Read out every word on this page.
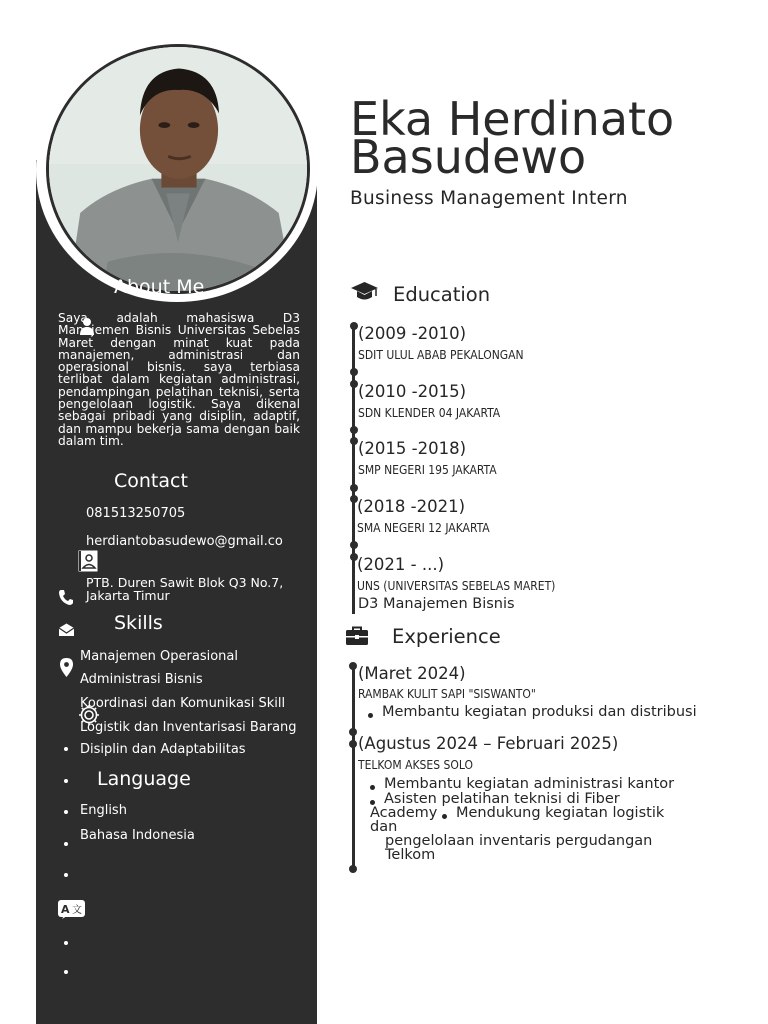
About Me
Saya adalah mahasiswa D3 Manajemen Bisnis Universitas Sebelas Maret dengan minat kuat pada manajemen, administrasi dan operasional bisnis. saya terbiasa terlibat dalam kegiatan administrasi, pendampingan pelatihan teknisi, serta pengelolaan logistik. Saya dikenal sebagai pribadi yang disiplin, adaptif, dan mampu bekerja sama dengan baik dalam tim.
Contact
081513250705
herdiantobasudewo@gmail.co
PTB. Duren Sawit Blok Q3 No.7,
Jakarta Timur
Skills
Manajemen Operasional
Administrasi Bisnis
Koordinasi dan Komunikasi Skill
Logistik dan Inventarisasi Barang
Disiplin dan Adaptabilitas
Language
English
Bahasa Indonesia
A 文
Eka Herdinato
Basudewo
Business Management Intern
Education
(2009 -2010)
SDIT ULUL ABAB PEKALONGAN
(2010 -2015)
SDN KLENDER 04 JAKARTA
(2015 -2018)
SMP NEGERI 195 JAKARTA
(2018 -2021)
SMA NEGERI 12 JAKARTA
(2021 - ...)
UNS (UNIVERSITAS SEBELAS MARET)
D3 Manajemen Bisnis
Experience
(Maret 2024)
RAMBAK KULIT SAPI "SISWANTO"
Membantu kegiatan produksi dan distribusi
(Agustus 2024 – Februari 2025)
TELKOM AKSES SOLO
Membantu kegiatan administrasi kantor
Asisten pelatihan teknisi di Fiber
Academy Mendukung kegiatan logistik
dan
pengelolaan inventaris pergudangan
Telkom
